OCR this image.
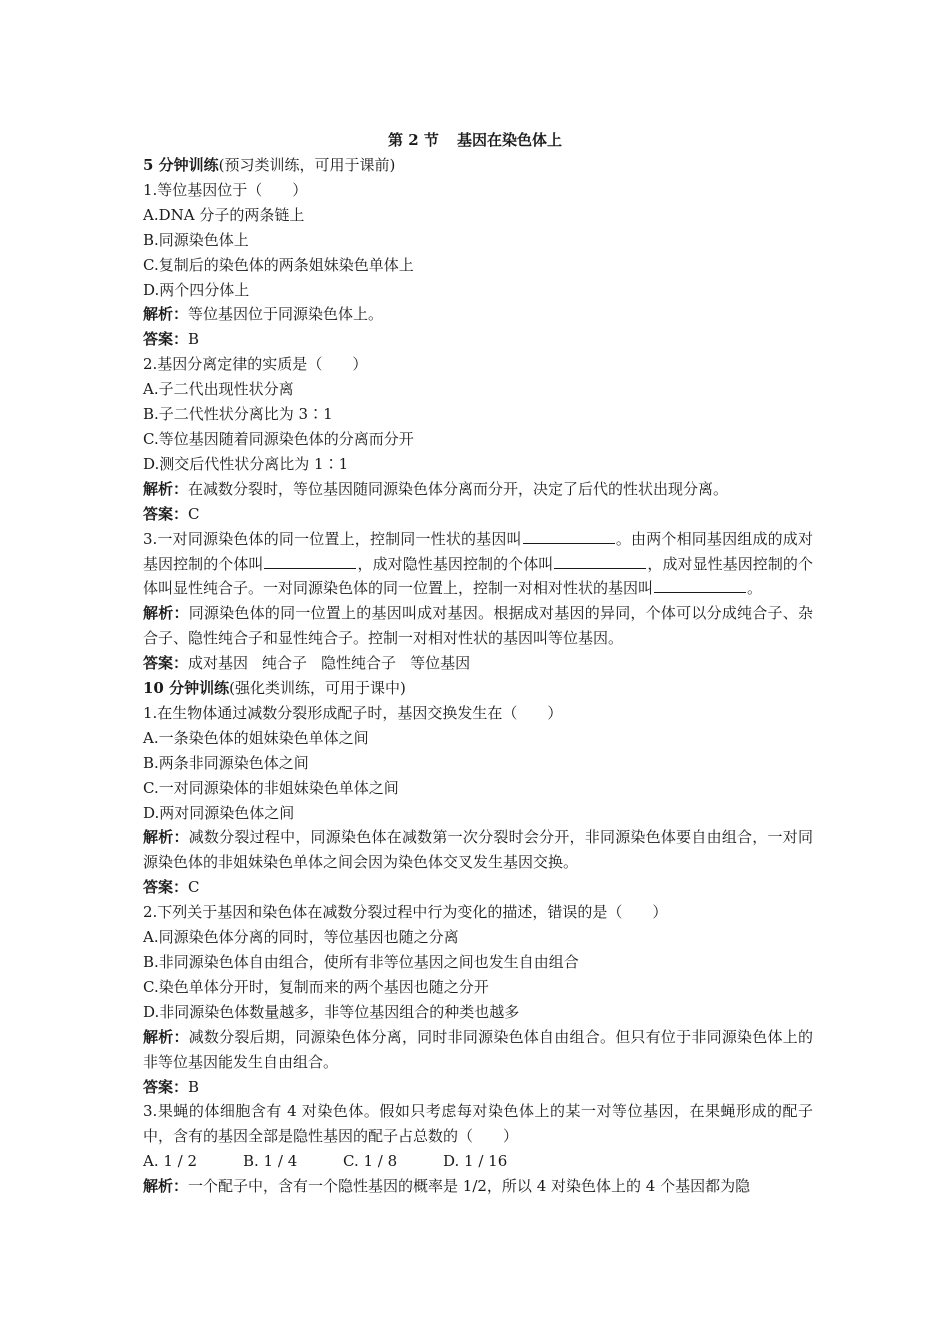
第 2 节 基因在染色体上
5 分钟训练(预习类训练，可用于课前)
1.等位基因位于（　　）
A.DNA 分子的两条链上
B.同源染色体上
C.复制后的染色体的两条姐妹染色单体上
D.两个四分体上
解析：等位基因位于同源染色体上。
答案：B
2.基因分离定律的实质是（　　）
A.子二代出现性状分离
B.子二代性状分离比为 3∶1
C.等位基因随着同源染色体的分离而分开
D.测交后代性状分离比为 1∶1
解析：在减数分裂时，等位基因随同源染色体分离而分开，决定了后代的性状出现分离。
答案：C
3.一对同源染色体的同一位置上，控制同一性状的基因叫	。由两个相同基因组成的成对基因控制的个体叫	，成对隐性基因控制的个体叫	，成对显性基因控制的个体叫显性纯合子。一对同源染色体的同一位置上，控制一对相对性状的基因叫	。
解析：同源染色体的同一位置上的基因叫成对基因。根据成对基因的异同，个体可以分成纯合子、杂合子、隐性纯合子和显性纯合子。控制一对相对性状的基因叫等位基因。
答案：成对基因 纯合子 隐性纯合子 等位基因
10 分钟训练(强化类训练，可用于课中)
1.在生物体通过减数分裂形成配子时，基因交换发生在（　　）
A.一条染色体的姐妹染色单体之间
B.两条非同源染色体之间
C.一对同源染体的非姐妹染色单体之间
D.两对同源染色体之间
解析：减数分裂过程中，同源染色体在减数第一次分裂时会分开，非同源染色体要自由组合，一对同源染色体的非姐妹染色单体之间会因为染色体交叉发生基因交换。
答案：C
2.下列关于基因和染色体在减数分裂过程中行为变化的描述，错误的是（　　）
A.同源染色体分离的同时，等位基因也随之分离
B.非同源染色体自由组合，使所有非等位基因之间也发生自由组合
C.染色单体分开时，复制而来的两个基因也随之分开
D.非同源染色体数量越多，非等位基因组合的种类也越多
解析：减数分裂后期，同源染色体分离，同时非同源染色体自由组合。但只有位于非同源染色体上的非等位基因能发生自由组合。
答案：B
3.果蝇的体细胞含有 4 对染色体。假如只考虑每对染色体上的某一对等位基因，在果蝇形成的配子中，含有的基因全部是隐性基因的配子占总数的（　　）
A. 1 / 2	B. 1 / 4	C. 1 / 8	D. 1 / 16
解析：一个配子中，含有一个隐性基因的概率是 1/2，所以 4 对染色体上的 4 个基因都为隐
